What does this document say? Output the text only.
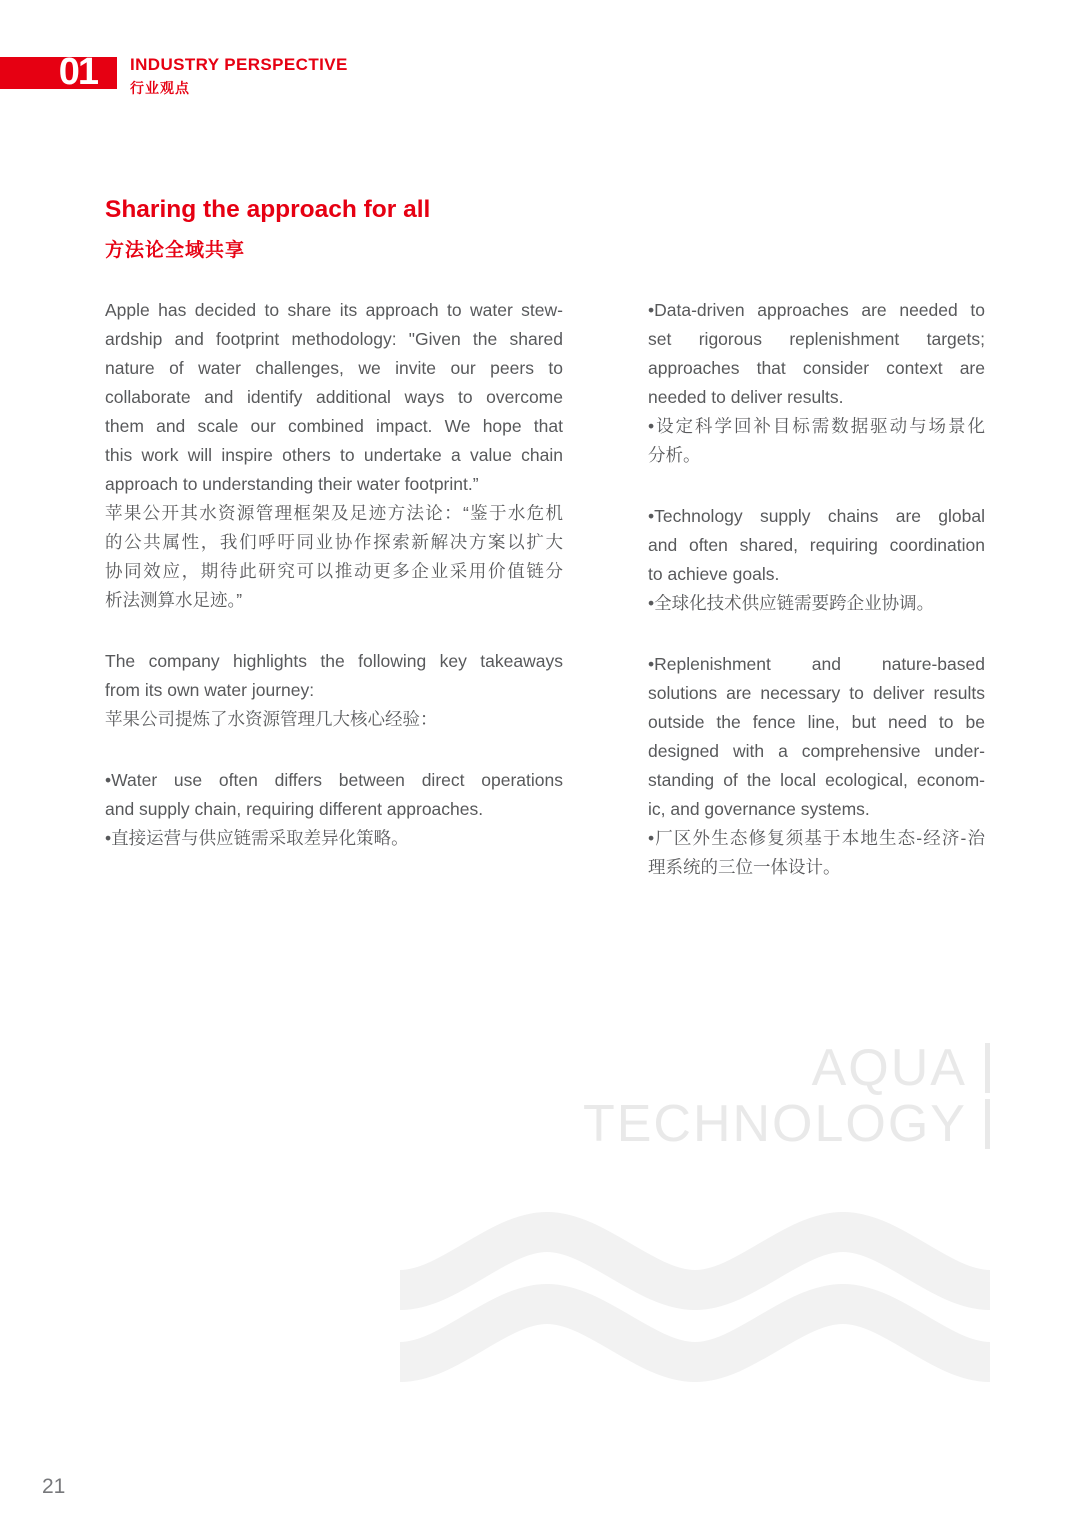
01	INDUSTRY PERSPECTIVE
行业观点
Sharing the approach for all
方法论全域共享
Apple has decided to share its approach to water stew-
ardship and footprint methodology: "Given the shared
nature of water challenges, we invite our peers to
collaborate and identify additional ways to overcome
them and scale our combined impact. We hope that
this work will inspire others to undertake a value chain
approach to understanding their water footprint.”
苹果公开其水资源管理框架及足迹方法论：“鉴于水危机
的公共属性，我们呼吁同业协作探索新解决方案以扩大
协同效应，期待此研究可以推动更多企业采用价值链分
析法测算水足迹。”
The company highlights the following key takeaways
from its own water journey:
苹果公司提炼了水资源管理几大核心经验：
•Water use often differs between direct operations
and supply chain, requiring different approaches.
•直接运营与供应链需采取差异化策略。
•Data-driven approaches are needed to
set rigorous replenishment targets;
approaches that consider context are
needed to deliver results.
•设定科学回补目标需数据驱动与场景化
分析。
•Technology supply chains are global
and often shared, requiring coordination
to achieve goals.
•全球化技术供应链需要跨企业协调。
•Replenishment and nature-based
solutions are necessary to deliver results
outside the fence line, but need to be
designed with a comprehensive under-
standing of the local ecological, econom-
ic, and governance systems.
•厂区外生态修复须基于本地生态-经济-治
理系统的三位一体设计。
AQUA
TECHNOLOGY
21
